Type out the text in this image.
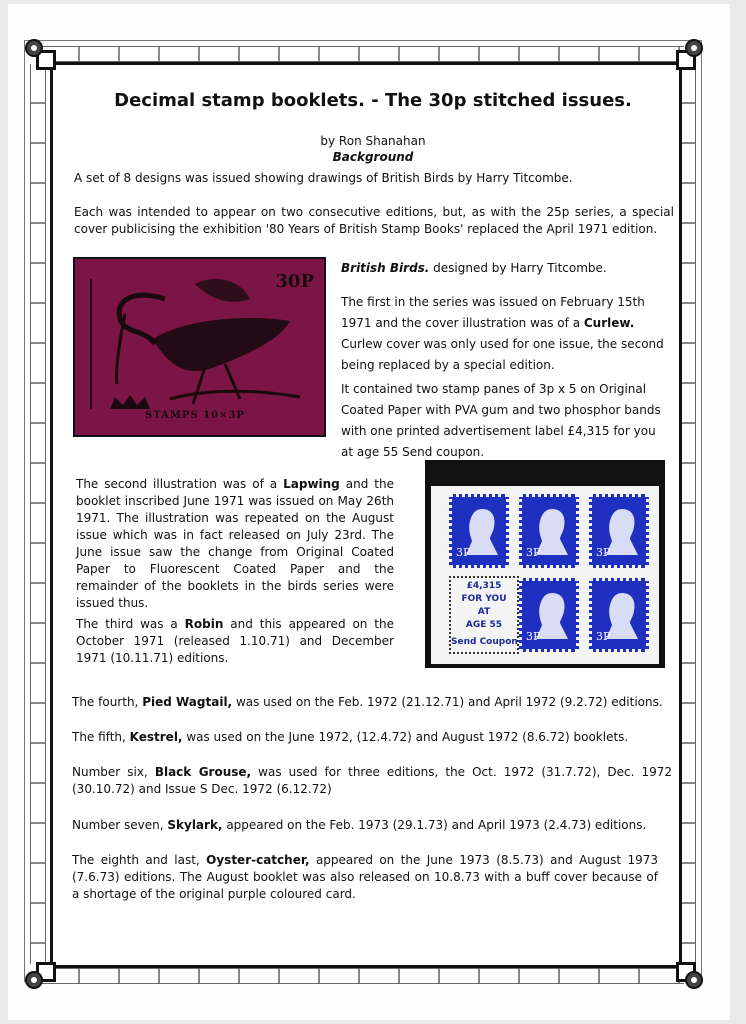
Decimal stamp booklets. - The 30p stitched issues.
by Ron Shanahan
Background
A set of 8 designs was issued showing drawings of British Birds by Harry Titcombe.
Each was intended to appear on two consecutive editions, but, as with the 25p series, a special cover publicising the exhibition '80 Years of British Stamp Books' replaced the April 1971 edition.
30P
STAMPS 10×3P
British Birds. designed by Harry Titcombe.
The first in the series was issued on February 15th 1971 and the cover illustration was of a Curlew. Curlew cover was only used for one issue, the second being replaced by a special edition.
It contained two stamp panes of 3p x 5 on Original Coated Paper with PVA gum and two phosphor bands with one printed advertisement label £4,315 for you at age 55 Send coupon.
The second illustration was of a Lapwing and the booklet inscribed June 1971 was issued on May 26th 1971. The illustration was repeated on the August issue which was in fact released on July 23rd. The June issue saw the change from Original Coated Paper to Fluorescent Coated Paper and the remainder of the booklets in the birds series were issued thus.
The third was a Robin and this appeared on the October 1971 (released 1.10.71) and December 1971 (10.11.71) editions.
3P	3P	3P
£4,315
FOR YOU
AT
AGE 55
Send Coupon 3P	3P
The fourth, Pied Wagtail, was used on the Feb. 1972 (21.12.71) and April 1972 (9.2.72) editions.
The fifth, Kestrel, was used on the June 1972, (12.4.72) and August 1972 (8.6.72) booklets.
Number six, Black Grouse, was used for three editions, the Oct. 1972 (31.7.72), Dec. 1972 (30.10.72) and Issue S Dec. 1972 (6.12.72)
Number seven, Skylark, appeared on the Feb. 1973 (29.1.73) and April 1973 (2.4.73) editions.
The eighth and last, Oyster-catcher, appeared on the June 1973 (8.5.73) and August 1973 (7.6.73) editions. The August booklet was also released on 10.8.73 with a buff cover because of a shortage of the original purple coloured card.
